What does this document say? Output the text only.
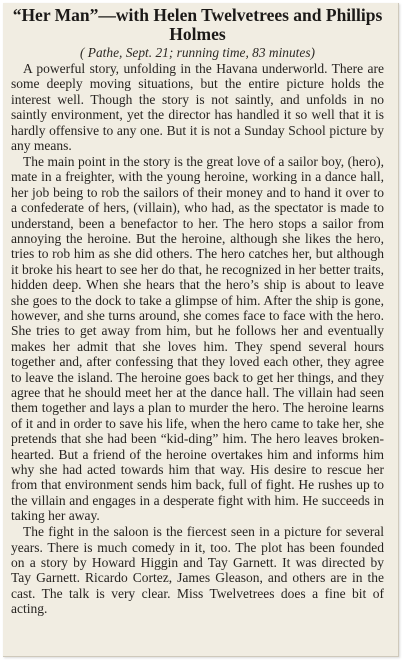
“Her Man”—with Helen Twelvetrees and Phillips Holmes
( Pathe, Sept. 21; running time, 83 minutes)

A powerful story, unfolding in the Havana underworld. There are some deeply moving situations, but the entire picture holds the interest well. Though the story is not saintly, and unfolds in no saintly environment, yet the director has handled it so well that it is hardly offensive to any one. But it is not a Sunday School picture by any means.

The main point in the story is the great love of a sailor boy, (hero), mate in a freighter, with the young heroine, working in a dance hall, her job being to rob the sailors of their money and to hand it over to a confederate of hers, (villain), who had, as the spectator is made to understand, been a benefactor to her. The hero stops a sailor from annoying the heroine. But the heroine, although she likes the hero, tries to rob him as she did others. The hero catches her, but although it broke his heart to see her do that, he recognized in her better traits, hidden deep. When she hears that the hero’s ship is about to leave she goes to the dock to take a glimpse of him. After the ship is gone, however, and she turns around, she comes face to face with the hero. She tries to get away from him, but he follows her and eventually makes her admit that she loves him. They spend several hours together and, after confessing that they loved each other, they agree to leave the island. The heroine goes back to get her things, and they agree that he should meet her at the dance hall. The villain had seen them together and lays a plan to murder the hero. The heroine learns of it and in order to save his life, when the hero came to take her, she pretends that she had been “kid-ding” him. The hero leaves broken-hearted. But a friend of the heroine overtakes him and informs him why she had acted towards him that way. His desire to rescue her from that environment sends him back, full of fight. He rushes up to the villain and engages in a desperate fight with him. He succeeds in taking her away.

The fight in the saloon is the fiercest seen in a picture for several years. There is much comedy in it, too. The plot has been founded on a story by Howard Higgin and Tay Garnett. It was directed by Tay Garnett. Ricardo Cortez, James Gleason, and others are in the cast. The talk is very clear. Miss Twelvetrees does a fine bit of acting.
